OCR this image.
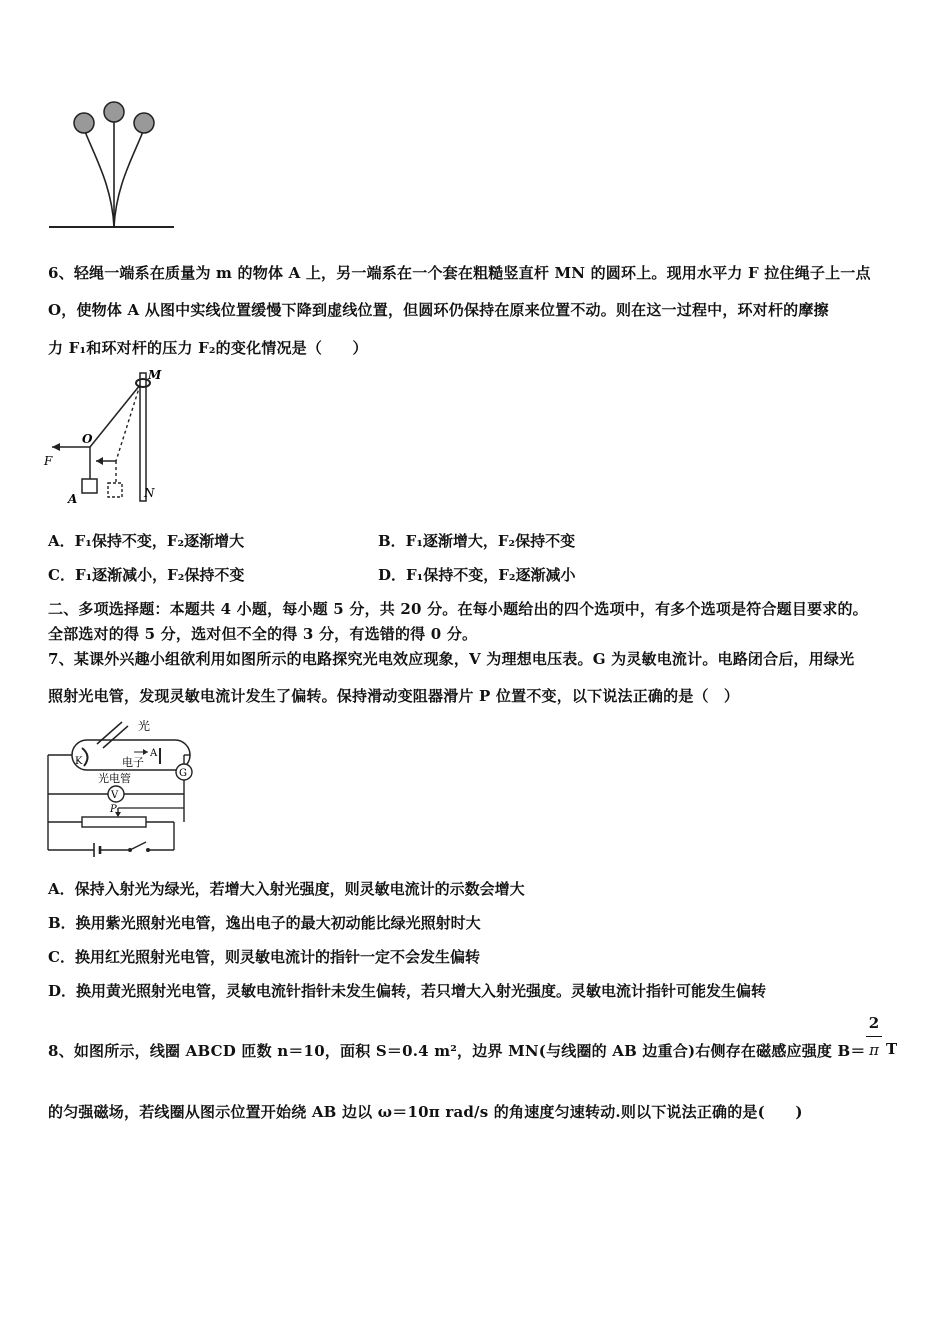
6、轻绳一端系在质量为 m 的物体 A 上，另一端系在一个套在粗糙竖直杆 MN 的圆环上。现用水平力 F 拉住绳子上一点
O，使物体 A 从图中实线位置缓慢下降到虚线位置，但圆环仍保持在原来位置不动。则在这一过程中，环对杆的摩擦
力 F₁和环对杆的压力 F₂的变化情况是（　　）
M
N
F
O
A
A．F₁保持不变，F₂逐渐增大	B．F₁逐渐增大，F₂保持不变
C．F₁逐渐减小，F₂保持不变	D．F₁保持不变，F₂逐渐减小
二、多项选择题：本题共 4 小题，每小题 5 分，共 20 分。在每小题给出的四个选项中，有多个选项是符合题目要求的。
全部选对的得 5 分，选对但不全的得 3 分，有选错的得 0 分。
7、某课外兴趣小组欲利用如图所示的电路探究光电效应现象，V 为理想电压表。G 为灵敏电流计。电路闭合后，用绿光
照射光电管，发现灵敏电流计发生了偏转。保持滑动变阻器滑片 P 位置不变，以下说法正确的是（　）
光
K
A
电子
光电管	G
V
P
A．保持入射光为绿光，若增大入射光强度，则灵敏电流计的示数会增大
B．换用紫光照射光电管，逸出电子的最大初动能比绿光照射时大
C．换用红光照射光电管，则灵敏电流计的指针一定不会发生偏转
D．换用黄光照射光电管，灵敏电流针指针未发生偏转，若只增大入射光强度。灵敏电流计指针可能发生偏转
8、如图所示，线圈 ABCD 匝数 n＝10，面积 S＝0.4 m²，边界 MN(与线圈的 AB 边重合)右侧存在磁感应强度 B＝
2
π T
的匀强磁场，若线圈从图示位置开始绕 AB 边以 ω＝10π rad/s 的角速度匀速转动.则以下说法正确的是(　　)
